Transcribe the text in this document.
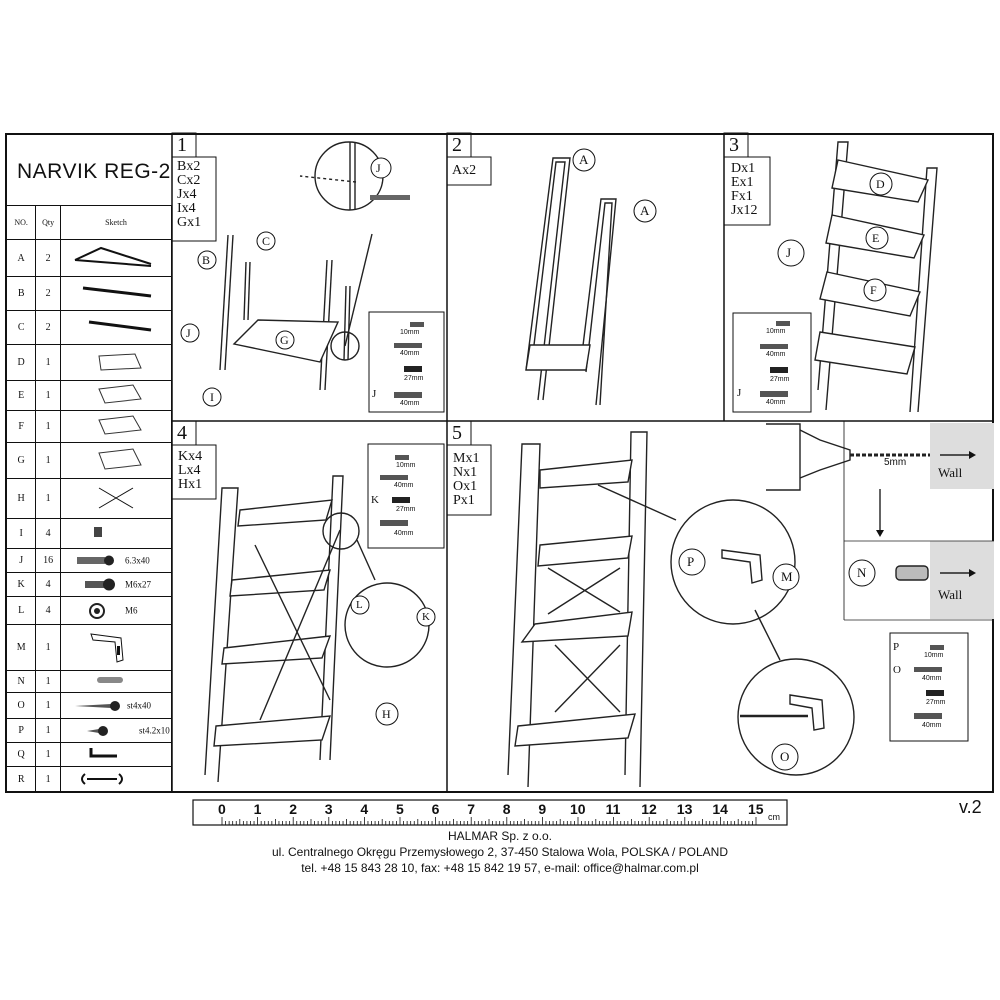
NARVIK REG-2
NO.	Qty	Sketch
A	2	
B	2	
C	2	
D	1	
E	1	
F	1	
G	1	
H	1	
I	4	
J	16	6.3x40
K	4	M6x27
L	4	M6
M	1	
N	1	
O	1	st4x40
P	1	st4.2x10
Q	1	
R	1	
1
Bx2
Cx2
Jx4
Ix4
Gx1
2
Ax2
3
Dx1
Ex1
Fx1
Jx12
4
Kx4
Lx4
Hx1
5
Mx1
Nx1
Ox1
Px1
B
C
J	G
I
J
A
A
D
E
F
J
L
K
H
P
M
O
N
10mm
40mm
27mm
40mm
J
10mm
40mm
27mm
40mm
J
10mm
40mm
27mm
40mm
K
10mm
40mm
27mm
40mm
P
O
5mm
Wall
Wall
0 1 2 3 4 5 6 7 8 9 10 11 12 13 14 15 cm	v.2
HALMAR Sp. z o.o.
ul. Centralnego Okręgu Przemysłowego 2, 37-450 Stalowa Wola, POLSKA / POLAND
tel. +48 15 843 28 10, fax: +48 15 842 19 57, e-mail: office@halmar.com.pl
